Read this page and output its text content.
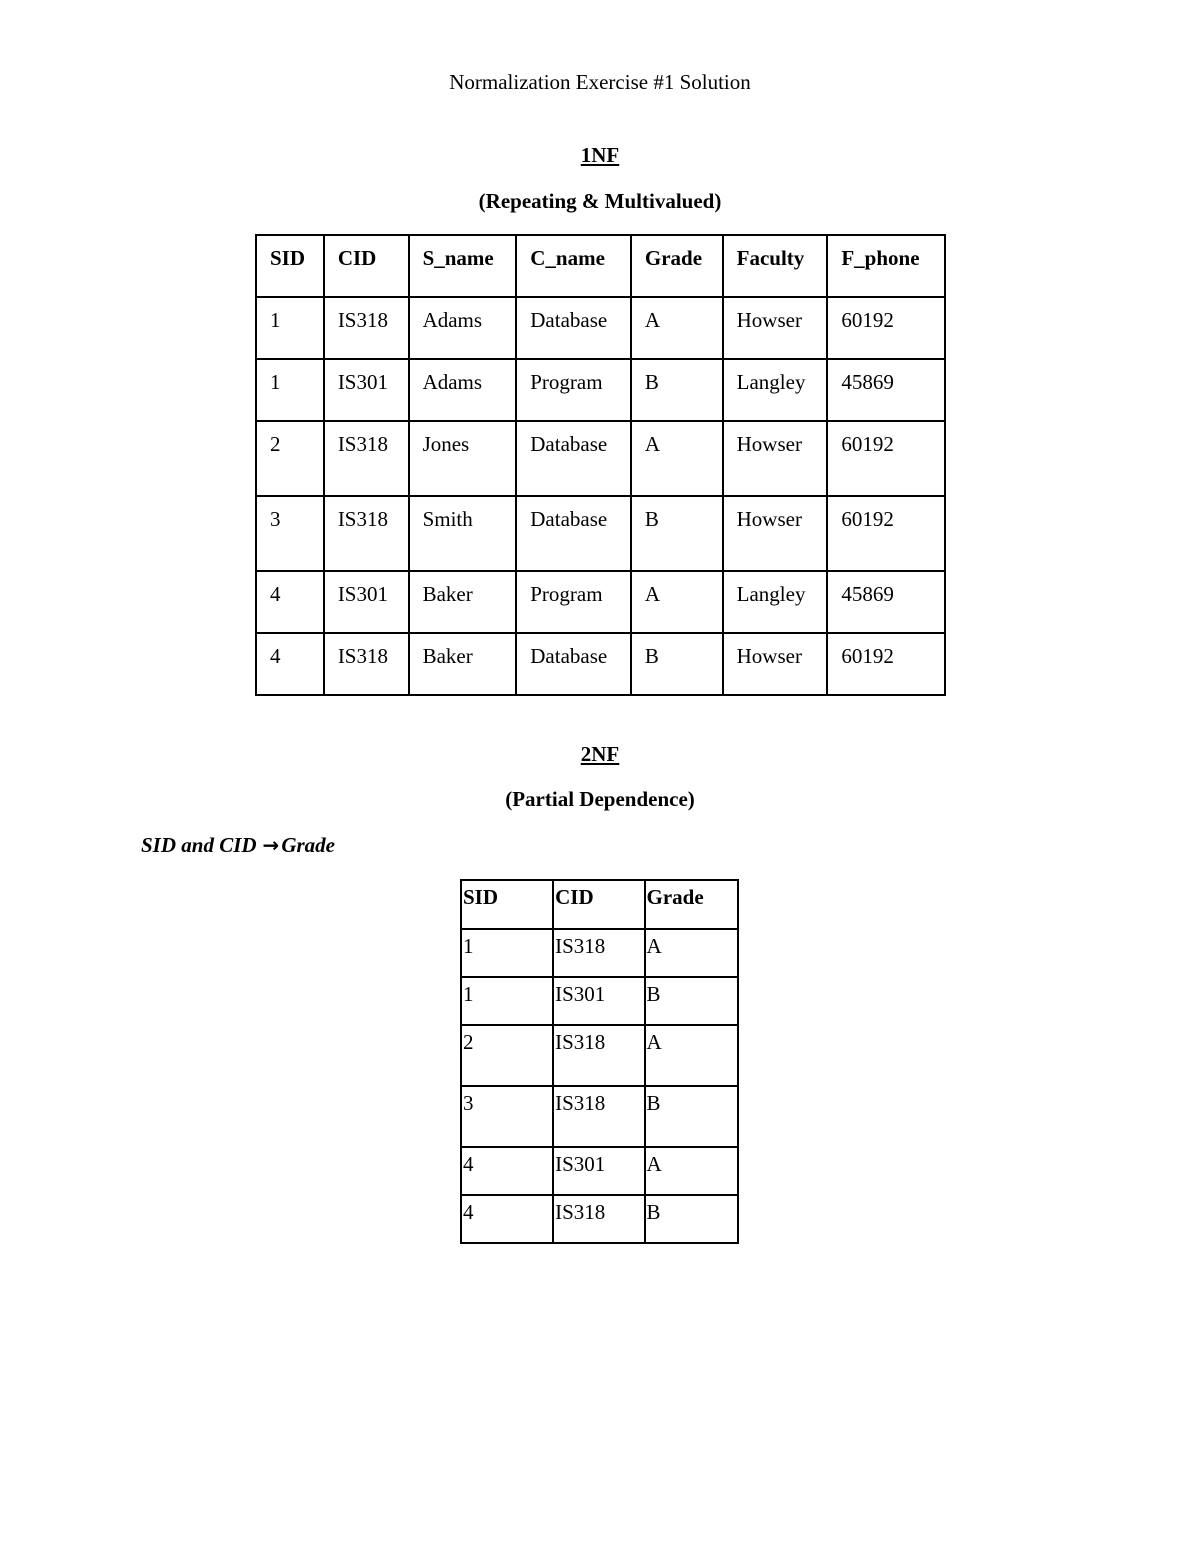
Normalization Exercise #1 Solution
1NF
(Repeating & Multivalued)
SID	CID	S_name	C_name	Grade	Faculty	F_phone
1	IS318	Adams	Database	A	Howser	60192
1	IS301	Adams	Program	B	Langley	45869
2	IS318	Jones	Database	A	Howser	60192
3	IS318	Smith	Database	B	Howser	60192
4	IS301	Baker	Program	A	Langley	45869
4	IS318	Baker	Database	B	Howser	60192
2NF
(Partial Dependence)
SID and CID →Grade
SID	CID	Grade
1	IS318	A
1	IS301	B
2	IS318	A
3	IS318	B
4	IS301	A
4	IS318	B
